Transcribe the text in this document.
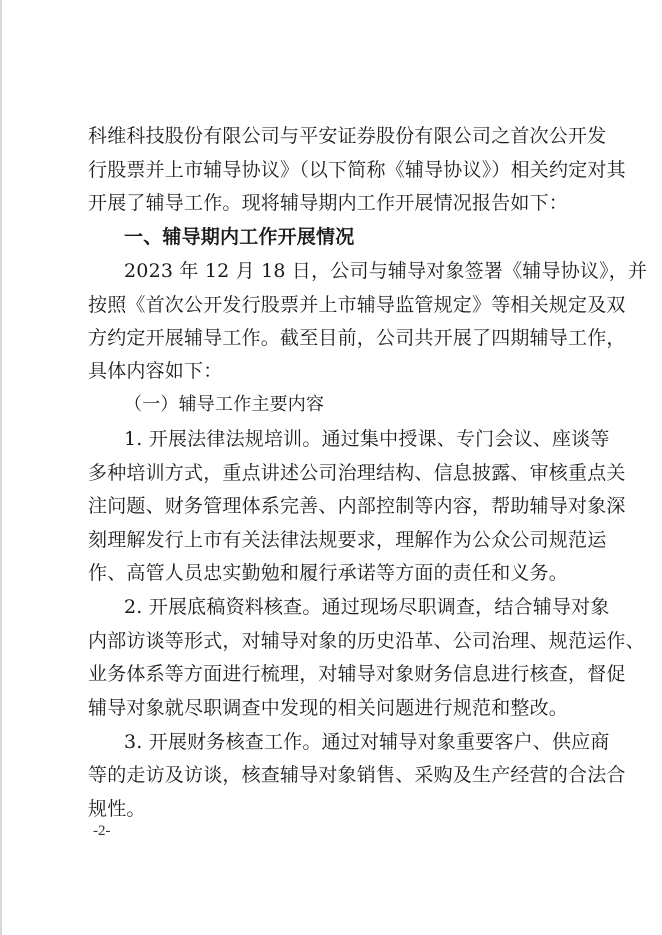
科维科技股份有限公司与平安证券股份有限公司之首次公开发
行股票并上市辅导协议》（以下简称《辅导协议》）相关约定对其
开展了辅导工作。现将辅导期内工作开展情况报告如下：
一、辅导期内工作开展情况
2023 年 12 月 18 日，公司与辅导对象签署《辅导协议》，并
按照《首次公开发行股票并上市辅导监管规定》等相关规定及双
方约定开展辅导工作。截至目前，公司共开展了四期辅导工作，
具体内容如下：
（一）辅导工作主要内容
1. 开展法律法规培训。通过集中授课、专门会议、座谈等
多种培训方式，重点讲述公司治理结构、信息披露、审核重点关
注问题、财务管理体系完善、内部控制等内容，帮助辅导对象深
刻理解发行上市有关法律法规要求，理解作为公众公司规范运
作、高管人员忠实勤勉和履行承诺等方面的责任和义务。
2. 开展底稿资料核查。通过现场尽职调查，结合辅导对象
内部访谈等形式，对辅导对象的历史沿革、公司治理、规范运作、
业务体系等方面进行梳理，对辅导对象财务信息进行核查，督促
辅导对象就尽职调查中发现的相关问题进行规范和整改。
3. 开展财务核查工作。通过对辅导对象重要客户、供应商
等的走访及访谈，核查辅导对象销售、采购及生产经营的合法合
规性。
-2-
